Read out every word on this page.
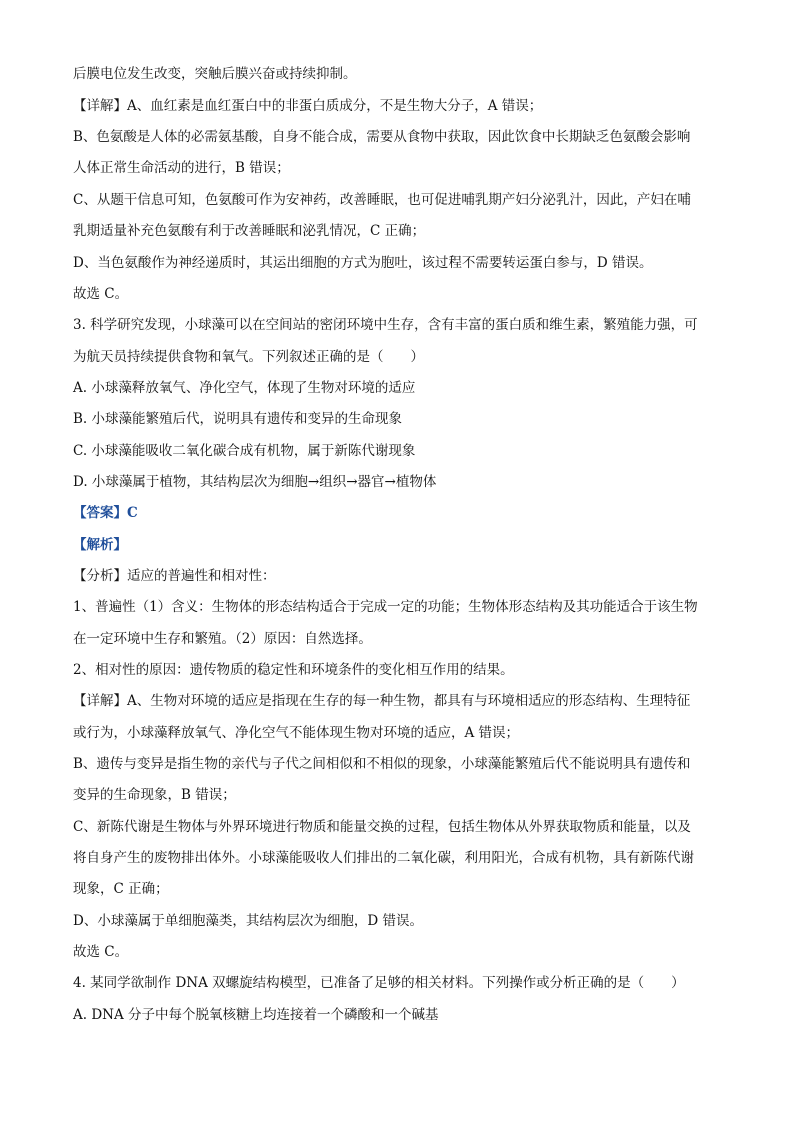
后膜电位发生改变，突触后膜兴奋或持续抑制。
【详解】A、血红素是血红蛋白中的非蛋白质成分，不是生物大分子，A 错误；
B、色氨酸是人体的必需氨基酸，自身不能合成，需要从食物中获取，因此饮食中长期缺乏色氨酸会影响
人体正常生命活动的进行，B 错误；
C、从题干信息可知，色氨酸可作为安神药，改善睡眠，也可促进哺乳期产妇分泌乳汁，因此，产妇在哺
乳期适量补充色氨酸有利于改善睡眠和泌乳情况，C 正确；
D、当色氨酸作为神经递质时，其运出细胞的方式为胞吐，该过程不需要转运蛋白参与，D 错误。
故选 C。
3. 科学研究发现，小球藻可以在空间站的密闭环境中生存，含有丰富的蛋白质和维生素，繁殖能力强，可
为航天员持续提供食物和氧气。下列叙述正确的是（　　）
A. 小球藻释放氧气、净化空气，体现了生物对环境的适应
B. 小球藻能繁殖后代，说明具有遗传和变异的生命现象
C. 小球藻能吸收二氧化碳合成有机物，属于新陈代谢现象
D. 小球藻属于植物，其结构层次为细胞→组织→器官→植物体
【答案】C
【解析】
【分析】适应的普遍性和相对性：
1、普遍性（1）含义：生物体的形态结构适合于完成一定的功能；生物体形态结构及其功能适合于该生物
在一定环境中生存和繁殖。（2）原因：自然选择。
2、相对性的原因：遗传物质的稳定性和环境条件的变化相互作用的结果。
【详解】A、生物对环境的适应是指现在生存的每一种生物，都具有与环境相适应的形态结构、生理特征
或行为，小球藻释放氧气、净化空气不能体现生物对环境的适应，A 错误；
B、遗传与变异是指生物的亲代与子代之间相似和不相似的现象，小球藻能繁殖后代不能说明具有遗传和
变异的生命现象，B 错误；
C、新陈代谢是生物体与外界环境进行物质和能量交换的过程，包括生物体从外界获取物质和能量，以及
将自身产生的废物排出体外。小球藻能吸收人们排出的二氧化碳，利用阳光，合成有机物，具有新陈代谢
现象，C 正确；
D、小球藻属于单细胞藻类，其结构层次为细胞，D 错误。
故选 C。
4. 某同学欲制作 DNA 双螺旋结构模型，已准备了足够的相关材料。下列操作或分析正确的是（　　）
A. DNA 分子中每个脱氧核糖上均连接着一个磷酸和一个碱基
